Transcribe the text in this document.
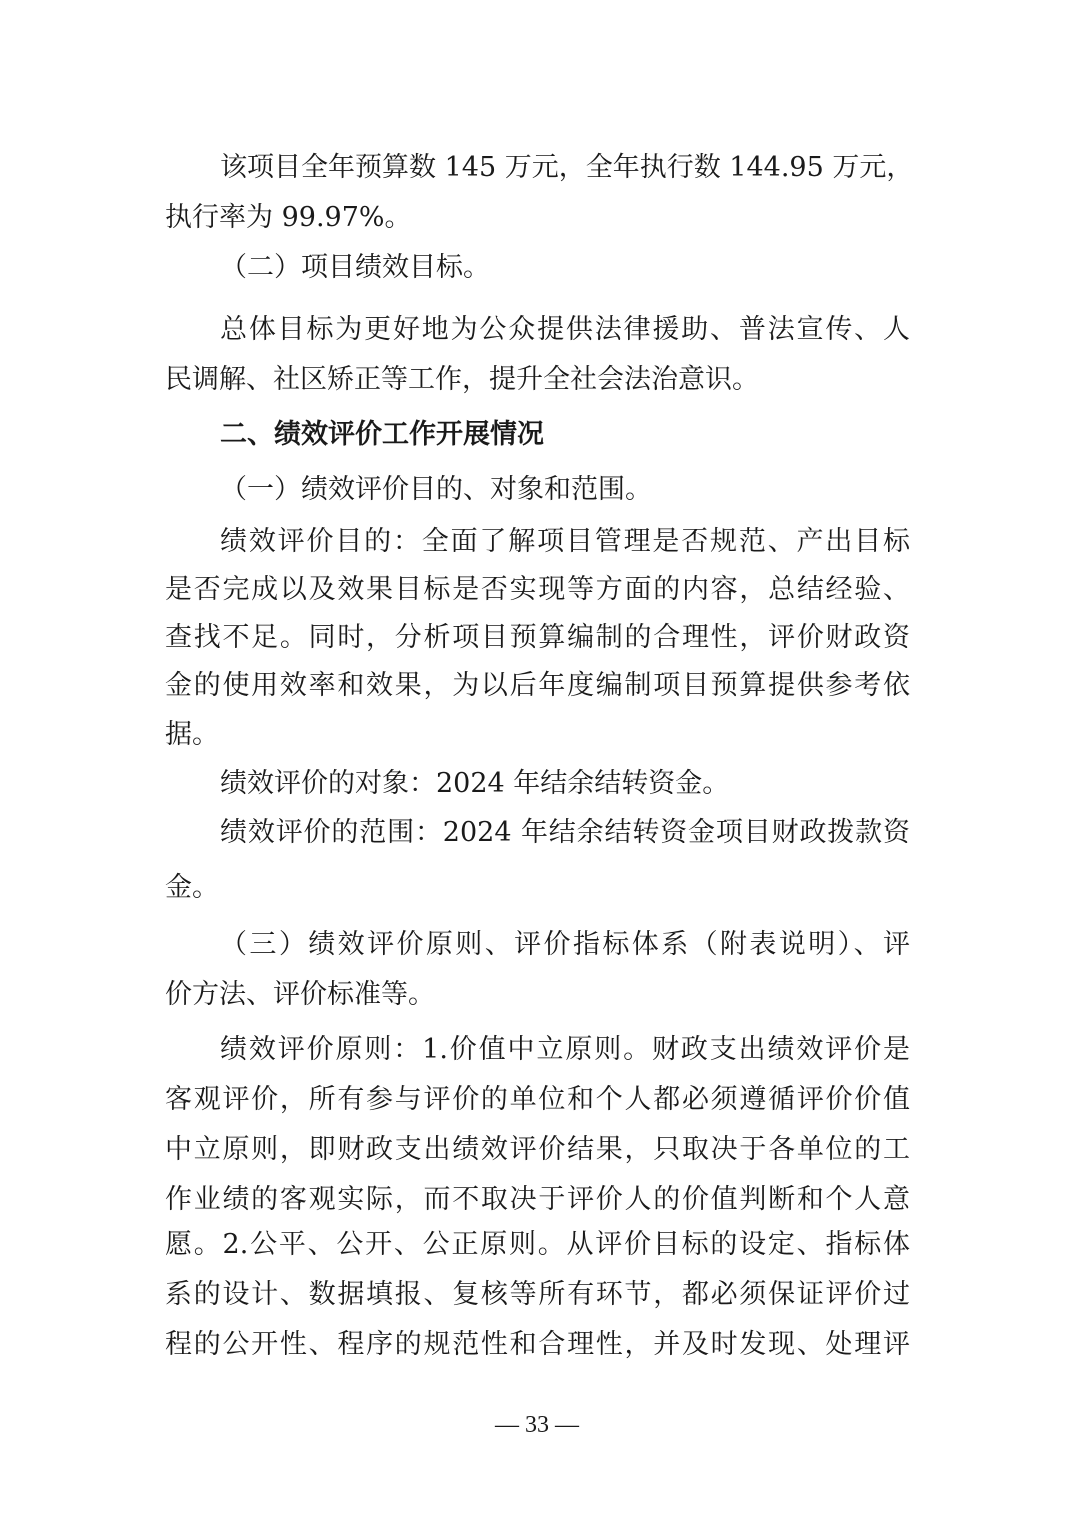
该项目全年预算数 145 万元，全年执行数 144.95 万元，
执行率为 99.97%。
（二）项目绩效目标。
总体目标为更好地为公众提供法律援助、普法宣传、人
民调解、社区矫正等工作，提升全社会法治意识。
二、绩效评价工作开展情况
（一）绩效评价目的、对象和范围。
绩效评价目的：全面了解项目管理是否规范、产出目标
是否完成以及效果目标是否实现等方面的内容，总结经验、
查找不足。同时，分析项目预算编制的合理性，评价财政资
金的使用效率和效果，为以后年度编制项目预算提供参考依
据。
绩效评价的对象：2024 年结余结转资金。
绩效评价的范围：2024 年结余结转资金项目财政拨款资
金。
（三）绩效评价原则、评价指标体系（附表说明）、评
价方法、评价标准等。
绩效评价原则：1.价值中立原则。财政支出绩效评价是
客观评价，所有参与评价的单位和个人都必须遵循评价价值
中立原则，即财政支出绩效评价结果，只取决于各单位的工
作业绩的客观实际，而不取决于评价人的价值判断和个人意
愿。2.公平、公开、公正原则。从评价目标的设定、指标体
系的设计、数据填报、复核等所有环节，都必须保证评价过
程的公开性、程序的规范性和合理性，并及时发现、处理评
— 33 —
